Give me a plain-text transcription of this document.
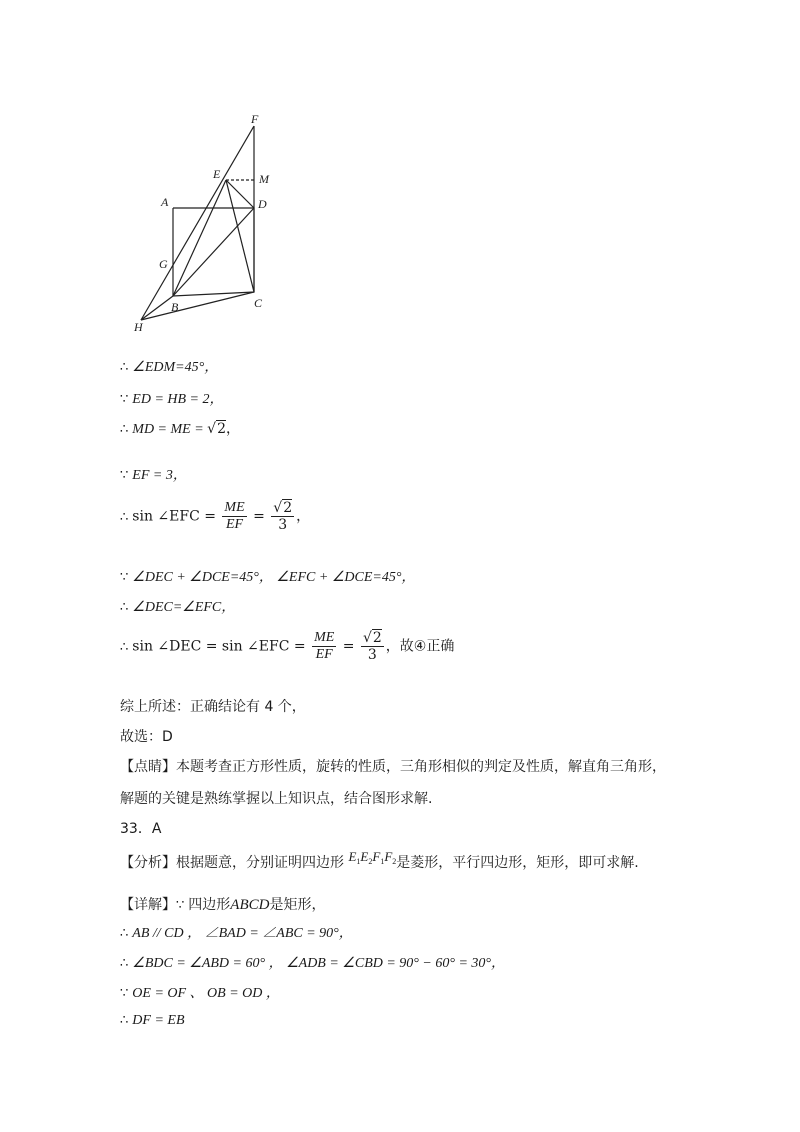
F
E	M
A	D
G
B	C
H
∴ ∠EDM=45°，
∵ ED = HB = 2，
∴ MD = ME = √2，
∵ EF = 3，
∴ sin ∠EFC = $\frac{ME}{EF} = \frac{√2}{3}$ ，
∵ ∠DEC + ∠DCE=45°， ∠EFC + ∠DCE=45°，
∴ ∠DEC=∠EFC，
∴ sin ∠DEC = sin ∠EFC = $\frac{ME}{EF} = \frac{√2}{3}$ ，故④正确
综上所述：正确结论有 4 个，
故选：D
【点睛】本题考查正方形性质，旋转的性质，三角形相似的判定及性质，解直角三角形，
解题的关键是熟练掌握以上知识点，结合图形求解.
33．A
【分析】根据题意，分别证明四边形 $E_1E_2F_1F_2$是菱形，平行四边形，矩形，即可求解.
【详解】∵ 四边形ABCD是矩形，
∴ AB // CD ， ∠BAD = ∠ABC = 90°，
∴ ∠BDC = ∠ABD = 60° ， ∠ADB = ∠CBD = 90° − 60° = 30°，
∵ OE = OF 、 OB = OD ，
∴ DF = EB
